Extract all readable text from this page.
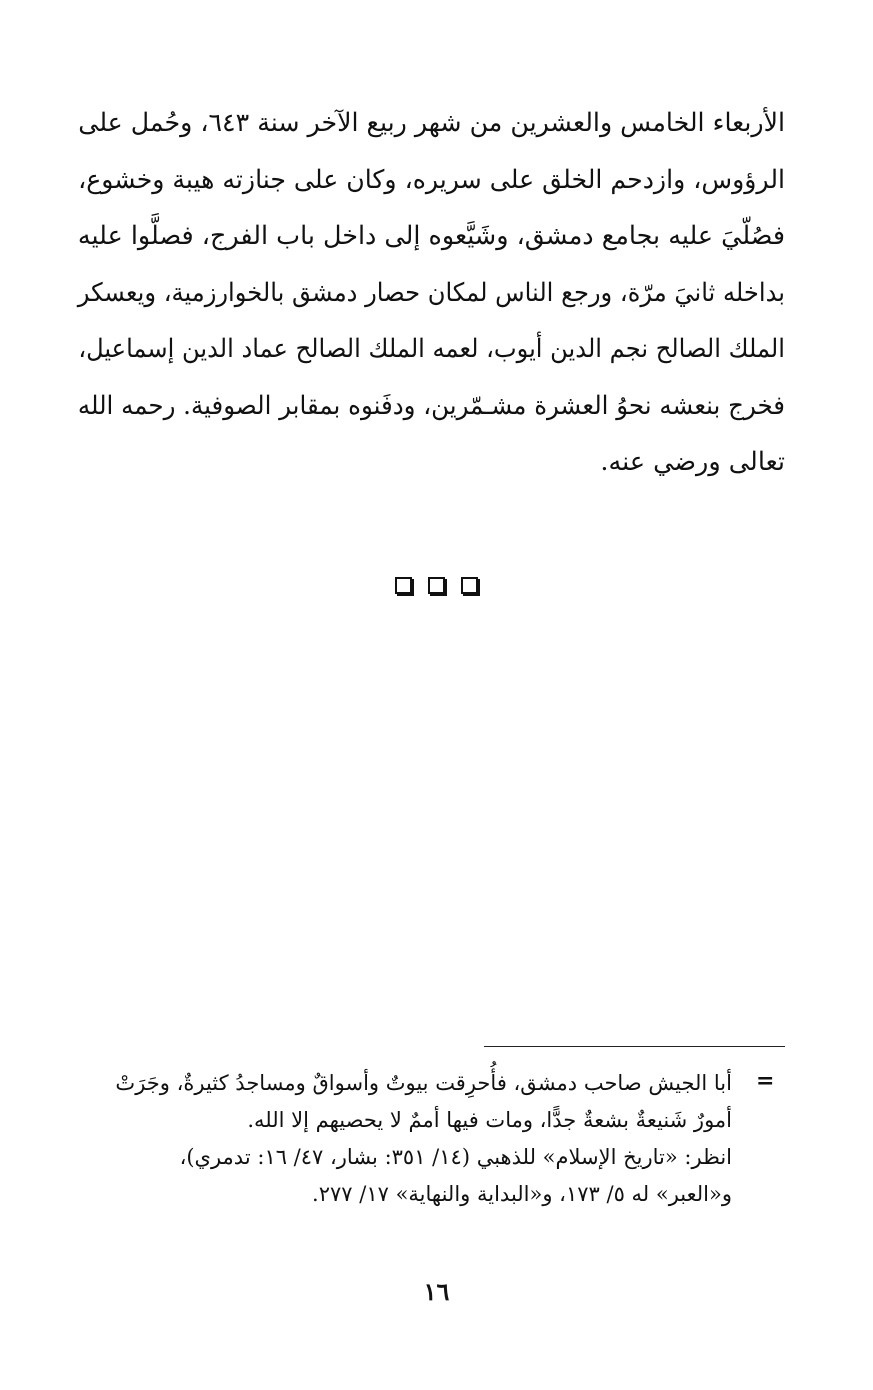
الأربعاء الخامس والعشرين من شهر ربيع الآخر سنة ٦٤٣، وحُمل على
الرؤوس، وازدحم الخلق على سريره، وكان على جنازته هيبة وخشوع،
فصُلّيَ عليه بجامع دمشق، وشَيَّعوه إلى داخل باب الفرج، فصلَّوا عليه
بداخله ثانيَ مرّة، ورجع الناس لمكان حصار دمشق بالخوارزمية، ويعسكر
الملك الصالح نجم الدين أيوب، لعمه الملك الصالح عماد الدين إسماعيل،
فخرج بنعشه نحوُ العشرة مشـمّرين، ودفَنوه بمقابر الصوفية. رحمه الله
تعالى ورضي عنه.

=
أبا الجيش صاحب دمشق، فأُحرِقت بيوتٌ وأسواقٌ ومساجدُ كثيرةٌ، وجَرَتْ
أمورٌ شَنيعةٌ بشعةٌ جدًّا، ومات فيها أممٌ لا يحصيهم إلا الله.
انظر: «تاريخ الإسلام» للذهبي (١٤/ ٣٥١: بشار، ٤٧/ ١٦: تدمري)،
و«العبر» له ٥/ ١٧٣، و«البداية والنهاية» ١٧/ ٢٧٧.
١٦
